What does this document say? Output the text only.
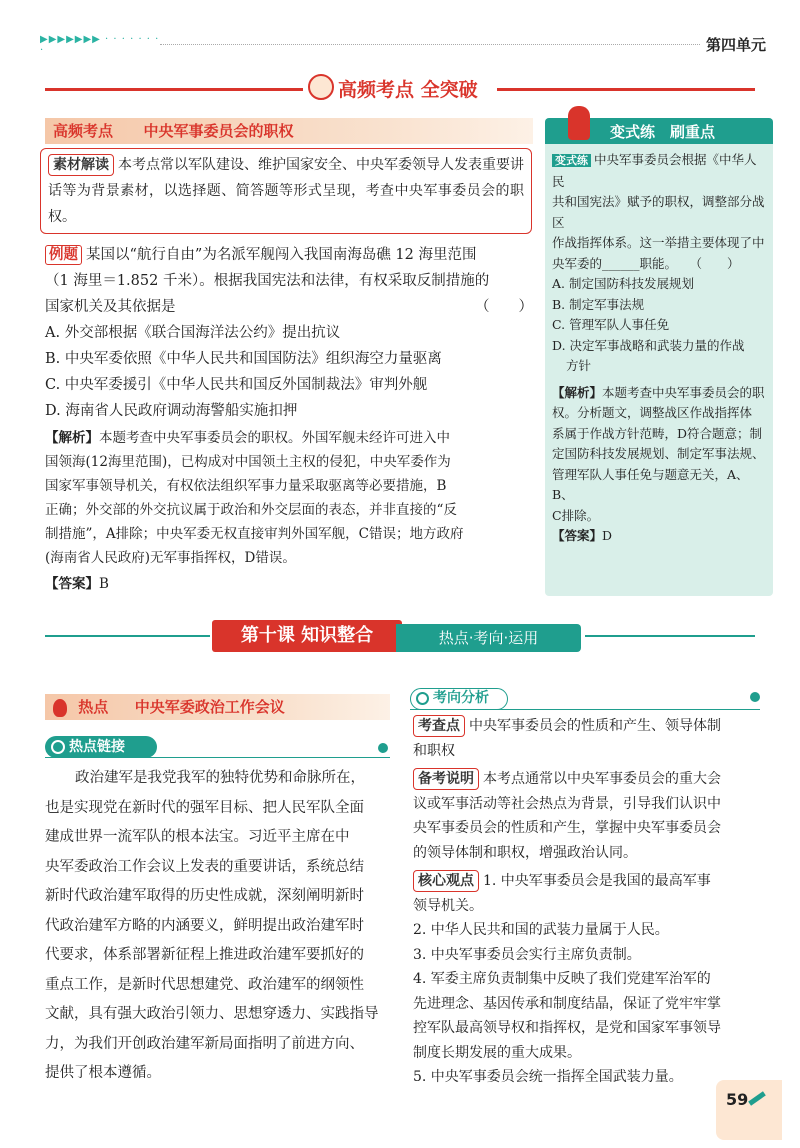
▶▶▶▶▶▶▶ · · · · · · · ·	第四单元
高频考点 全突破
高频考点 中央军事委员会的职权
素材解读 本考点常以军队建设、维护国家安全、中央军委领导人发表重要讲话等为背景素材，以选择题、简答题等形式呈现，考查中央军事委员会的职权。
例题 某国以“航行自由”为名派军舰闯入我国南海岛礁 12 海里范围
（1 海里＝1.852 千米）。根据我国宪法和法律，有权采取反制措施的
国家机关及其依据是	（　　）
A. 外交部根据《联合国海洋法公约》提出抗议
B. 中央军委依照《中华人民共和国国防法》组织海空力量驱离
C. 中央军委援引《中华人民共和国反外国制裁法》审判外舰
D. 海南省人民政府调动海警船实施扣押
【解析】本题考查中央军事委员会的职权。外国军舰未经许可进入中
国领海(12海里范围)，已构成对中国领土主权的侵犯，中央军委作为
国家军事领导机关，有权依法组织军事力量采取驱离等必要措施，B
正确；外交部的外交抗议属于政治和外交层面的表态，并非直接的“反
制措施”，A排除；中央军委无权直接审判外国军舰，C错误；地方政府
(海南省人民政府)无军事指挥权，D错误。
【答案】B
变式练　刷重点
变式练 中央军事委员会根据《中华人民
共和国宪法》赋予的职权，调整部分战区
作战指挥体系。这一举措主要体现了中
央军委的______职能。　　（　　）
A. 制定国防科技发展规划
B. 制定军事法规
C. 管理军队人事任免
D. 决定军事战略和武装力量的作战
方针
【解析】本题考查中央军事委员会的职
权。分析题文，调整战区作战指挥体
系属于作战方针范畴，D符合题意；制
定国防科技发展规划、制定军事法规、
管理军队人事任免与题意无关，A、B、
C排除。
【答案】D
第十课 知识整合	热点·考向·运用
热点 中央军委政治工作会议
热点链接
政治建军是我党我军的独特优势和命脉所在，
也是实现党在新时代的强军目标、把人民军队全面
建成世界一流军队的根本法宝。习近平主席在中
央军委政治工作会议上发表的重要讲话，系统总结
新时代政治建军取得的历史性成就，深刻阐明新时
代政治建军方略的内涵要义，鲜明提出政治建军时
代要求，体系部署新征程上推进政治建军要抓好的
重点工作，是新时代思想建党、政治建军的纲领性
文献，具有强大政治引领力、思想穿透力、实践指导
力，为我们开创政治建军新局面指明了前进方向、
提供了根本遵循。
考向分析
考查点 中央军事委员会的性质和产生、领导体制
和职权
备考说明 本考点通常以中央军事委员会的重大会
议或军事活动等社会热点为背景，引导我们认识中
央军事委员会的性质和产生，掌握中央军事委员会
的领导体制和职权，增强政治认同。
核心观点 1. 中央军事委员会是我国的最高军事
领导机关。
2. 中华人民共和国的武装力量属于人民。
3. 中央军事委员会实行主席负责制。
4. 军委主席负责制集中反映了我们党建军治军的
先进理念、基因传承和制度结晶，保证了党牢牢掌
控军队最高领导权和指挥权，是党和国家军事领导
制度长期发展的重大成果。
5. 中央军事委员会统一指挥全国武装力量。
59
